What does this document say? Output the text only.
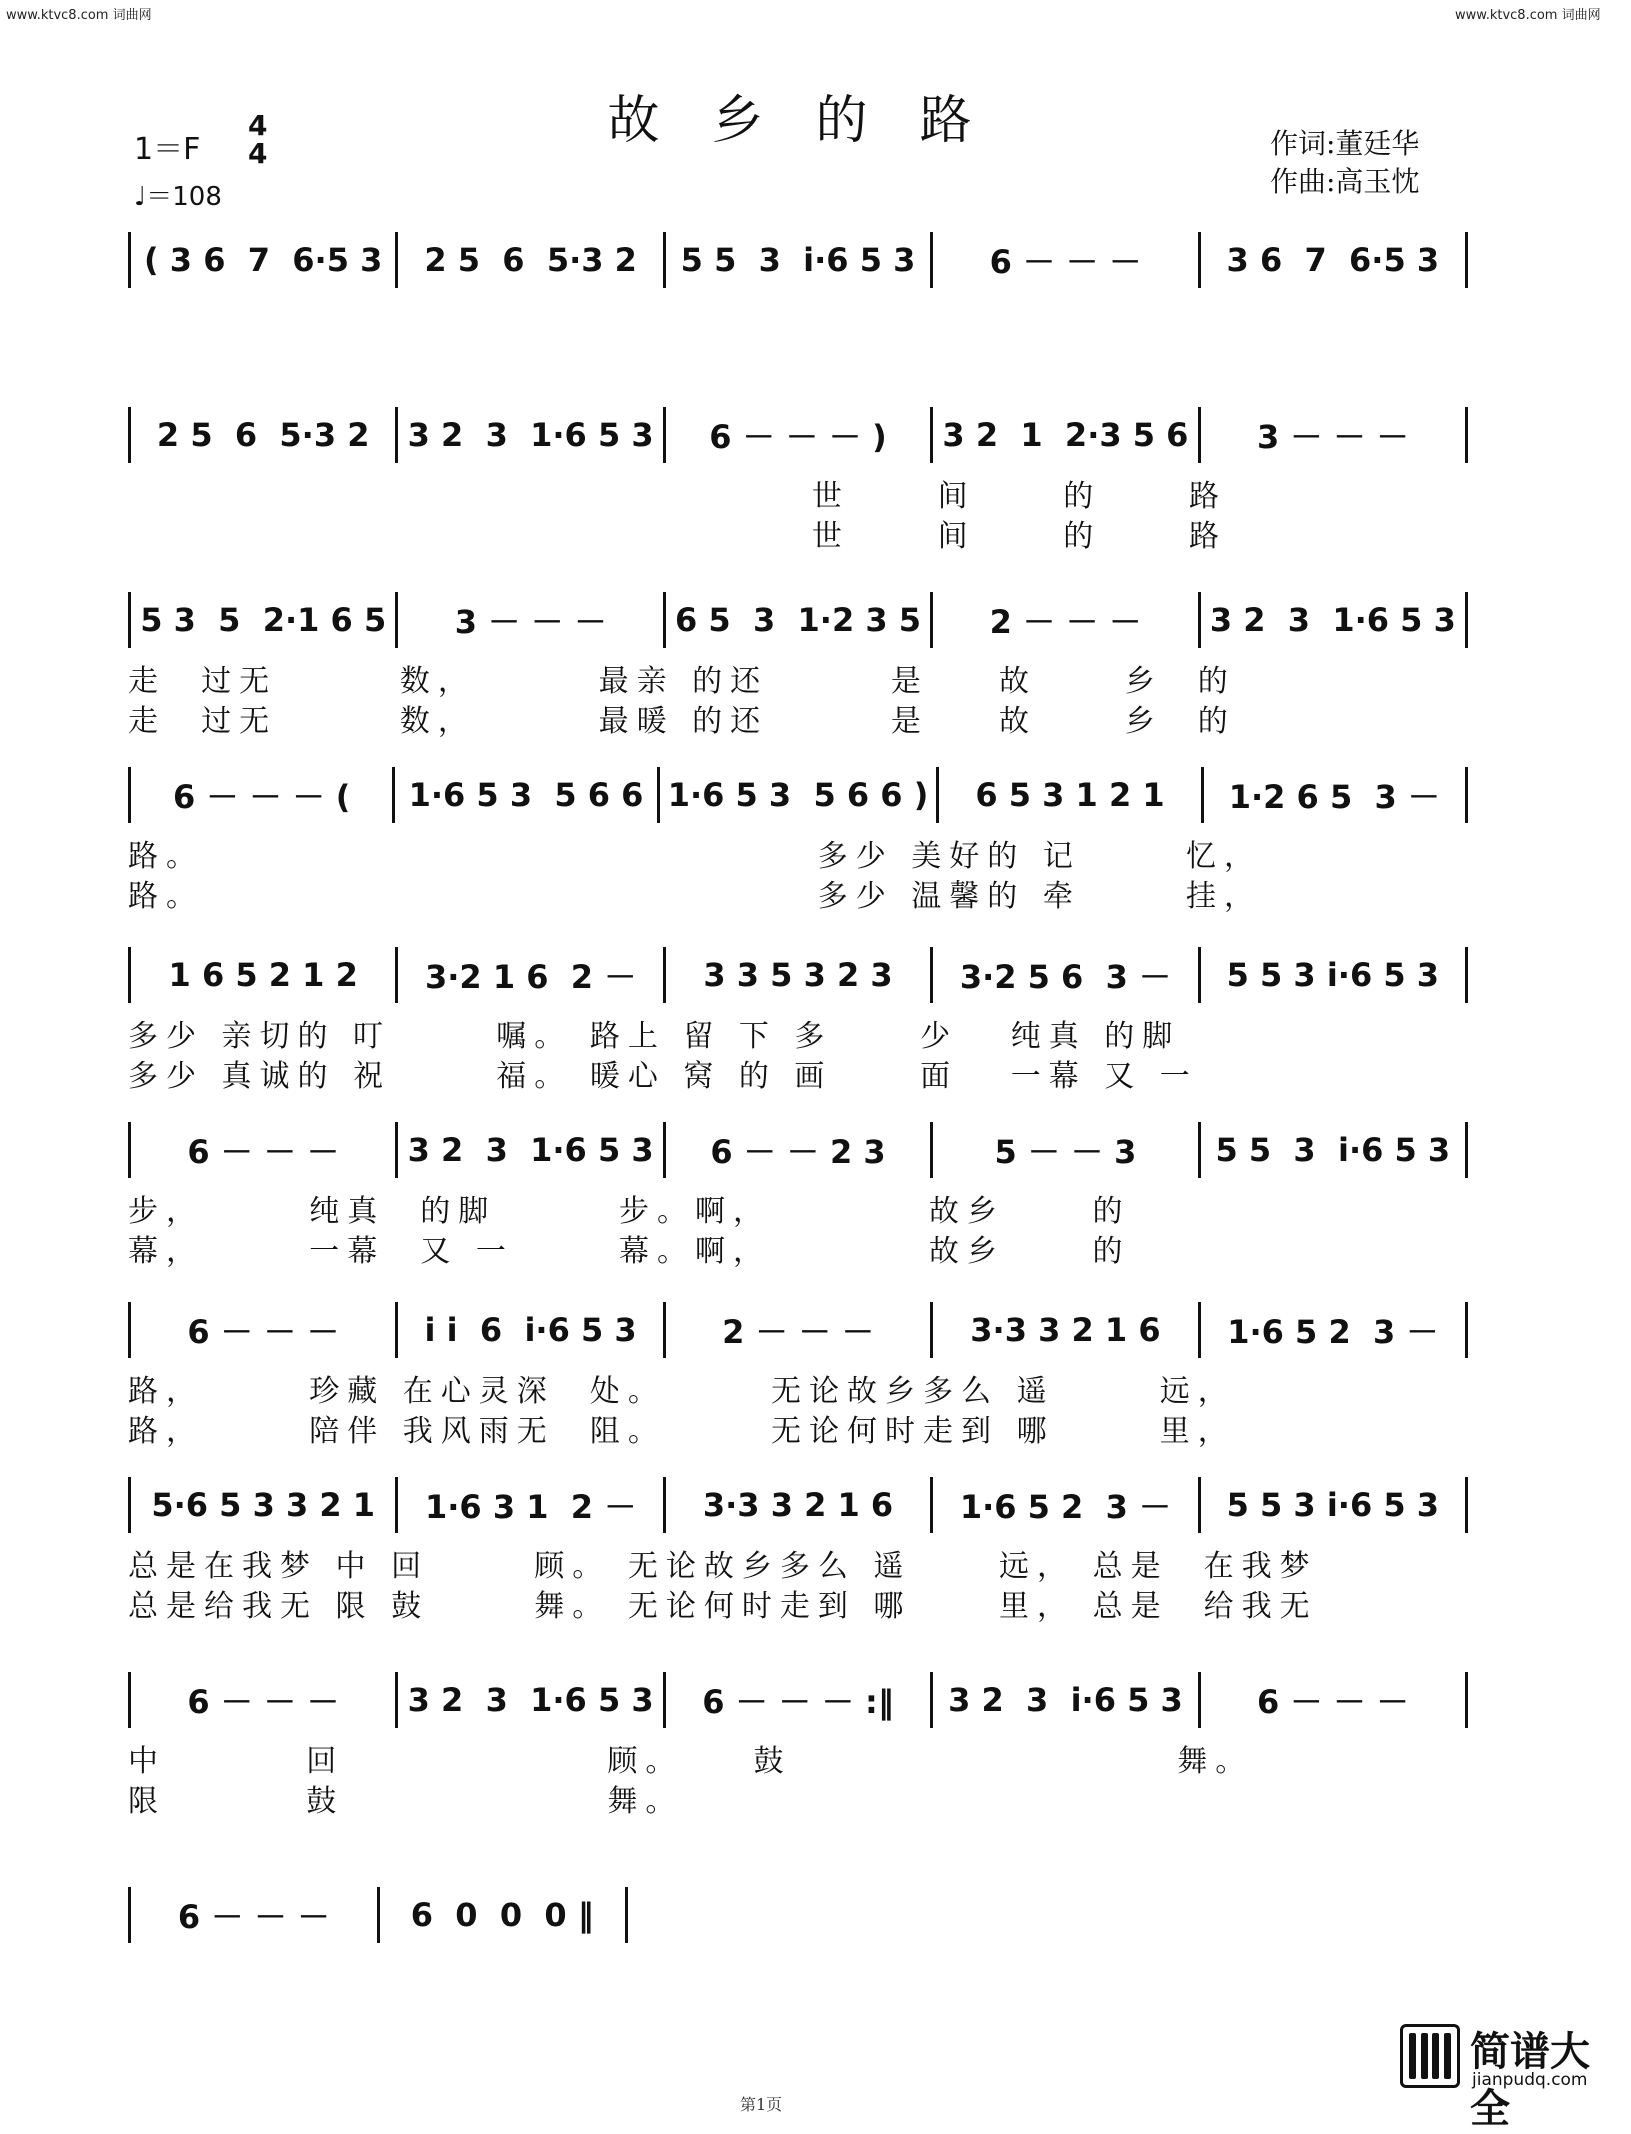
www.ktvc8.com 词曲网	www.ktvc8.com 词曲网
故乡的路
1＝F
4
4
♩＝108
作词:董廷华
作曲:高玉忱
( 3 6  7  6·5 3 2 5  6  5·3 2 5 5  3  i·6 5 3 6 － － －	3 6  7  6·5 3
2 5  6  5·3 2 3 2  3  1·6 5 3 6 － － － ) 3 2  1  2·3 5 6 3 － － －
世     间     的     路
世     间     的     路
5 3  5  2·1 6 5 3 － － － 6 5  3  1·2 3 5 2 － － － 3 2  3  1·6 5 3
走  过无       数，       最亲 的还       是    故     乡  的
走  过无       数，       最暖 的还       是    故     乡  的
6 － － － ( 1·6 5 3  5 6 6 1·6 5 3  5 6 6 ) 6 5 3 1 2 1 1·2 6 5  3 －
路。                                   多少 美好的 记      忆，
路。                                   多少 温馨的 牵      挂，
1 6 5 2 1 2 3·2 1 6  2 － 3 3 5 3 2 3 3·2 5 6  3 － 5 5 3 i·6 5 3
多少 亲切的 叮      嘱。 路上 留 下 多     少   纯真 的脚
多少 真诚的 祝      福。 暖心 窝 的 画     面   一幕 又 一
6 － － － 3 2  3  1·6 5 3 6 － － 2 3	5 － － 3 5 5  3  i·6 5 3
步，      纯真  的脚       步。啊，         故乡     的
幕，      一幕  又 一      幕。啊，         故乡     的
6 － － －	i i  6  i·6 5 3	2 － － －	3·3 3 2 1 6 1·6 5 2  3 －
路，      珍藏 在心灵深  处。      无论故乡多么 遥      远，
路，      陪伴 我风雨无  阻。      无论何时走到 哪      里，
5·6 5 3 3 2 1 1·6 3 1  2 － 3·3 3 2 1 6 1·6 5 2  3 － 5 5 3 i·6 5 3
总是在我梦 中 回      顾。 无论故乡多么 遥     远， 总是  在我梦
总是给我无 限 鼓      舞。 无论何时走到 哪     里， 总是  给我无
6 － － － 3 2  3  1·6 5 3 6 － － － :‖ 3 2  3  i·6 5 3 6 － － －
中        回               顾。    鼓                      舞。
限        鼓               舞。
6 － － －	6  0  0  0 ‖
简谱大全
jianpudq.com
第1页
